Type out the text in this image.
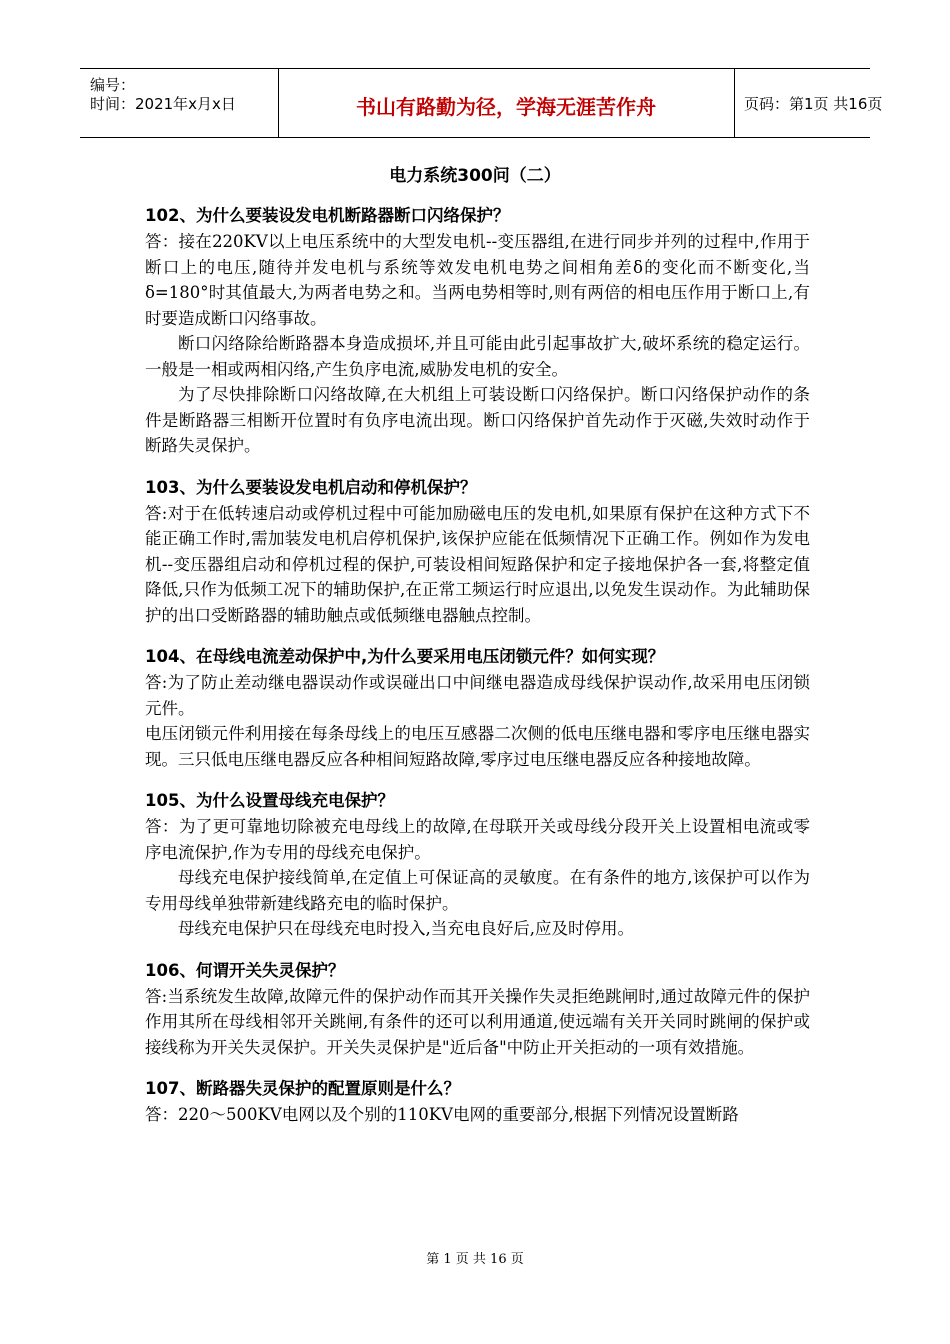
编号：
时间：2021年x月x日	书山有路勤为径，学海无涯苦作舟	页码：第1页 共16页
电力系统300问（二）
102、为什么要装设发电机断路器断口闪络保护？

答：接在220KV以上电压系统中的大型发电机--变压器组,在进行同步并列的过程中,作用于断口上的电压,随待并发电机与系统等效发电机电势之间相角差δ的变化而不断变化,当δ=180°时其值最大,为两者电势之和。当两电势相等时,则有两倍的相电压作用于断口上,有时要造成断口闪络事故。

断口闪络除给断路器本身造成损坏,并且可能由此引起事故扩大,破坏系统的稳定运行。一般是一相或两相闪络,产生负序电流,威胁发电机的安全。

为了尽快排除断口闪络故障,在大机组上可装设断口闪络保护。断口闪络保护动作的条件是断路器三相断开位置时有负序电流出现。断口闪络保护首先动作于灭磁,失效时动作于断路失灵保护。

103、为什么要装设发电机启动和停机保护？

答:对于在低转速启动或停机过程中可能加励磁电压的发电机,如果原有保护在这种方式下不能正确工作时,需加装发电机启停机保护,该保护应能在低频情况下正确工作。例如作为发电机--变压器组启动和停机过程的保护,可装设相间短路保护和定子接地保护各一套,将整定值降低,只作为低频工况下的辅助保护,在正常工频运行时应退出,以免发生误动作。为此辅助保护的出口受断路器的辅助触点或低频继电器触点控制。

104、在母线电流差动保护中,为什么要采用电压闭锁元件？如何实现？

答:为了防止差动继电器误动作或误碰出口中间继电器造成母线保护误动作,故采用电压闭锁元件。

电压闭锁元件利用接在每条母线上的电压互感器二次侧的低电压继电器和零序电压继电器实现。三只低电压继电器反应各种相间短路故障,零序过电压继电器反应各种接地故障。

105、为什么设置母线充电保护？

答：为了更可靠地切除被充电母线上的故障,在母联开关或母线分段开关上设置相电流或零序电流保护,作为专用的母线充电保护。

母线充电保护接线简单,在定值上可保证高的灵敏度。在有条件的地方,该保护可以作为专用母线单独带新建线路充电的临时保护。

母线充电保护只在母线充电时投入,当充电良好后,应及时停用。

106、何谓开关失灵保护？

答:当系统发生故障,故障元件的保护动作而其开关操作失灵拒绝跳闸时,通过故障元件的保护作用其所在母线相邻开关跳闸,有条件的还可以利用通道,使远端有关开关同时跳闸的保护或接线称为开关失灵保护。开关失灵保护是"近后备"中防止开关拒动的一项有效措施。

107、断路器失灵保护的配置原则是什么？

答：220～500KV电网以及个别的110KV电网的重要部分,根据下列情况设置断路

第 1 页 共 16 页
